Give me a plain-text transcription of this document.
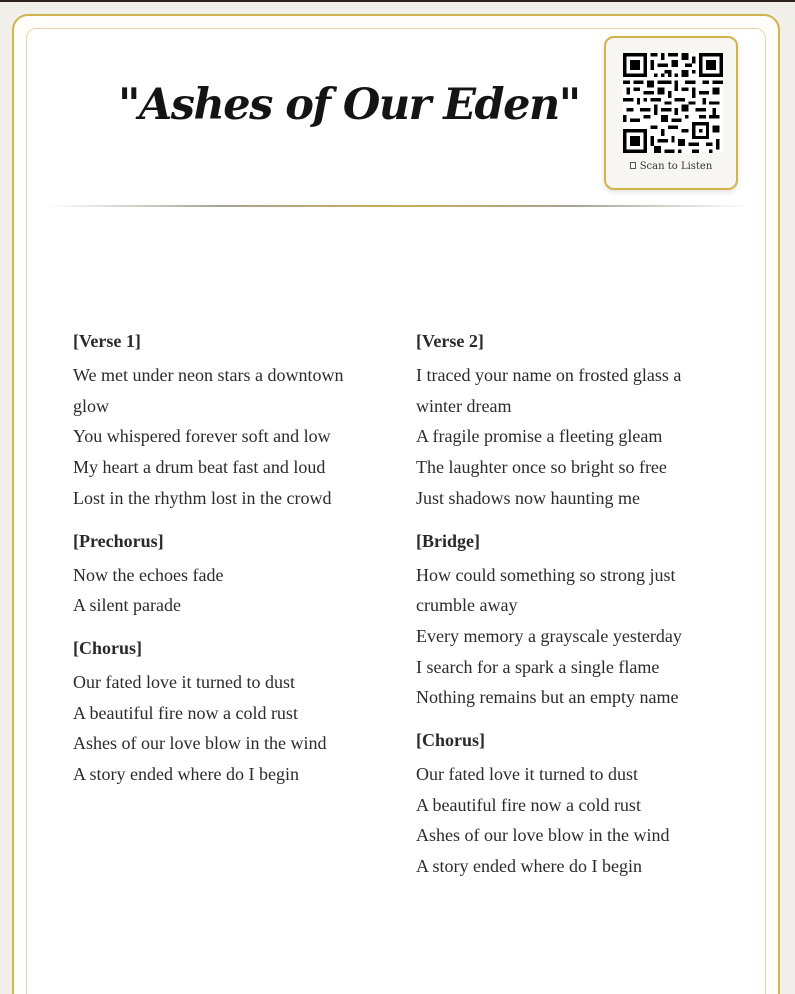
"Ashes of Our Eden"
Scan to Listen
[Verse 1]
We met under neon stars a downtown
glow
You whispered forever soft and low
My heart a drum beat fast and loud
Lost in the rhythm lost in the crowd
[Prechorus]
Now the echoes fade
A silent parade
[Chorus]
Our fated love it turned to dust
A beautiful fire now a cold rust
Ashes of our love blow in the wind
A story ended where do I begin
[Verse 2]
I traced your name on frosted glass a
winter dream
A fragile promise a fleeting gleam
The laughter once so bright so free
Just shadows now haunting me
[Bridge]
How could something so strong just
crumble away
Every memory a grayscale yesterday
I search for a spark a single flame
Nothing remains but an empty name
[Chorus]
Our fated love it turned to dust
A beautiful fire now a cold rust
Ashes of our love blow in the wind
A story ended where do I begin
